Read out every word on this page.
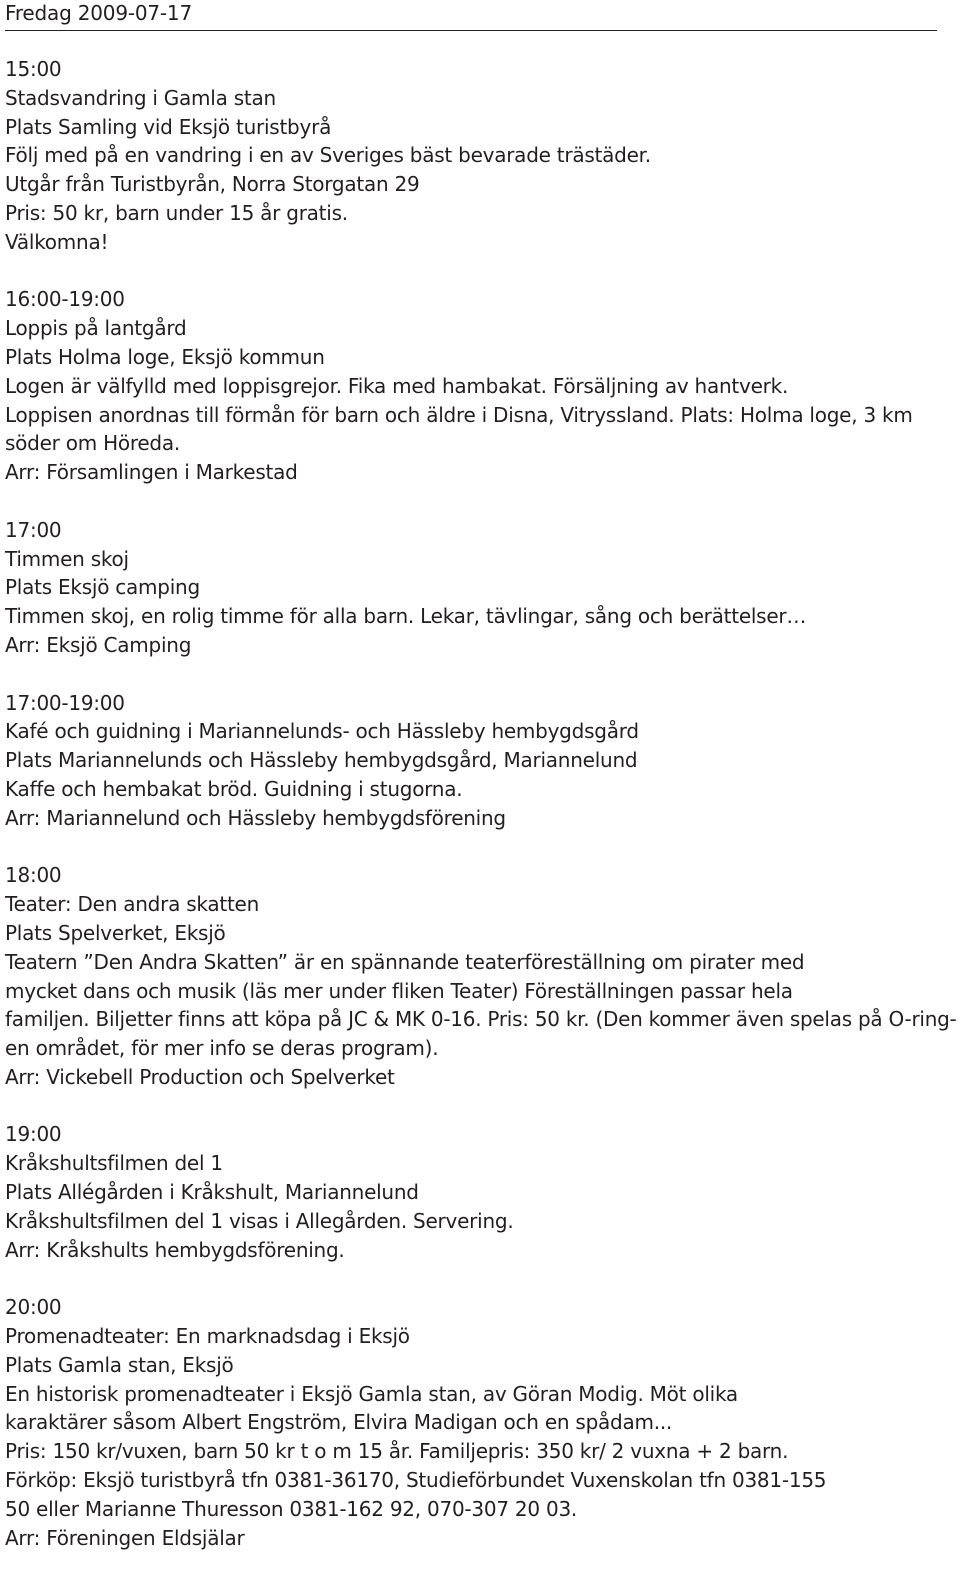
Fredag 2009-07-17
15:00
Stadsvandring i Gamla stan
Plats Samling vid Eksjö turistbyrå
Följ med på en vandring i en av Sveriges bäst bevarade trästäder.
Utgår från Turistbyrån, Norra Storgatan 29
Pris: 50 kr, barn under 15 år gratis.
Välkomna!
16:00-19:00
Loppis på lantgård
Plats Holma loge, Eksjö kommun
Logen är välfylld med loppisgrejor. Fika med hambakat. Försäljning av hantverk.
Loppisen anordnas till förmån för barn och äldre i Disna, Vitryssland. Plats: Holma loge, 3 km
söder om Höreda.
Arr: Församlingen i Markestad
17:00
Timmen skoj
Plats Eksjö camping
Timmen skoj, en rolig timme för alla barn. Lekar, tävlingar, sång och berättelser…
Arr: Eksjö Camping
17:00-19:00
Kafé och guidning i Mariannelunds- och Hässleby hembygdsgård
Plats Mariannelunds och Hässleby hembygdsgård, Mariannelund
Kaffe och hembakat bröd. Guidning i stugorna.
Arr: Mariannelund och Hässleby hembygdsförening
18:00
Teater: Den andra skatten
Plats Spelverket, Eksjö
Teatern ”Den Andra Skatten” är en spännande teaterföreställning om pirater med
mycket dans och musik (läs mer under fliken Teater) Föreställningen passar hela
familjen. Biljetter finns att köpa på JC & MK 0-16. Pris: 50 kr. (Den kommer även spelas på O-ring-
en området, för mer info se deras program).
Arr: Vickebell Production och Spelverket
19:00
Kråkshultsfilmen del 1
Plats Allégården i Kråkshult, Mariannelund
Kråkshultsfilmen del 1 visas i Allegården. Servering.
Arr: Kråkshults hembygdsförening.
20:00
Promenadteater: En marknadsdag i Eksjö
Plats Gamla stan, Eksjö
En historisk promenadteater i Eksjö Gamla stan, av Göran Modig. Möt olika
karaktärer såsom Albert Engström, Elvira Madigan och en spådam...
Pris: 150 kr/vuxen, barn 50 kr t o m 15 år. Familjepris: 350 kr/ 2 vuxna + 2 barn.
Förköp: Eksjö turistbyrå tfn 0381-36170, Studieförbundet Vuxenskolan tfn 0381-155
50 eller Marianne Thuresson 0381-162 92, 070-307 20 03.
Arr: Föreningen Eldsjälar
